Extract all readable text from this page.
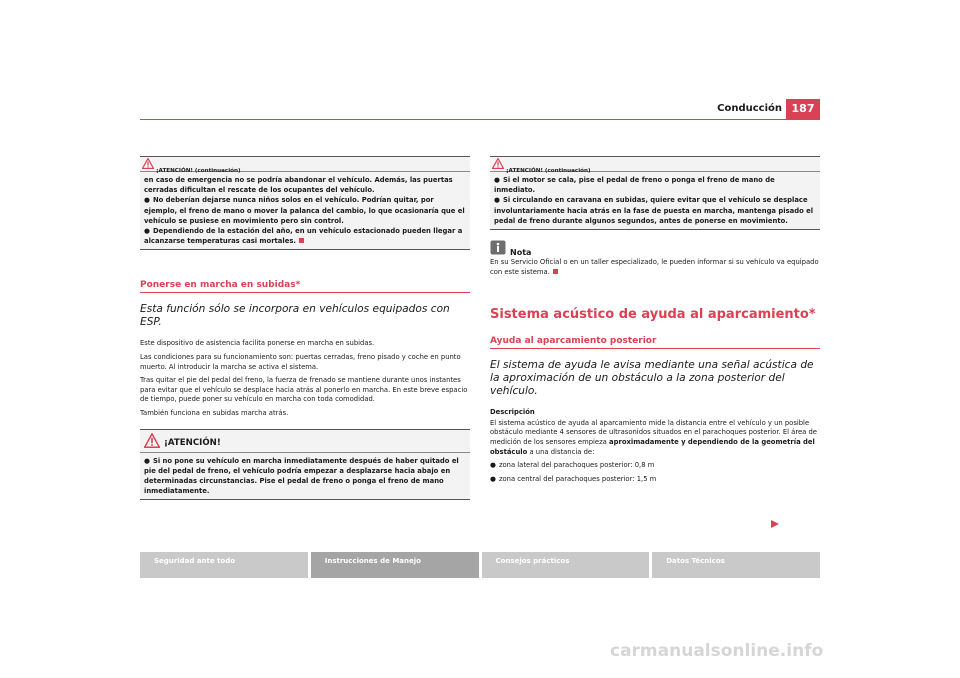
Conducción 187
¡ATENCIÓN! (continuación)

en caso de emergencia no se podría abandonar el vehículo. Además, las puertas cerradas dificultan el rescate de los ocupantes del vehículo.

● No deberían dejarse nunca niños solos en el vehículo. Podrían quitar, por ejemplo, el freno de mano o mover la palanca del cambio, lo que ocasionaría que el vehículo se pusiese en movimiento pero sin control.

● Dependiendo de la estación del año, en un vehículo estacionado pueden llegar a alcanzarse temperaturas casi mortales.

Ponerse en marcha en subidas*

Esta función sólo se incorpora en vehículos equipados con ESP.

Este dispositivo de asistencia facilita ponerse en marcha en subidas.

Las condiciones para su funcionamiento son: puertas cerradas, freno pisado y coche en punto muerto. Al introducir la marcha se activa el sistema.

Tras quitar el pie del pedal del freno, la fuerza de frenado se mantiene durante unos instantes para evitar que el vehículo se desplace hacia atrás al ponerlo en marcha. En este breve espacio de tiempo, puede poner su vehículo en marcha con toda comodidad.

También funciona en subidas marcha atrás.

¡ATENCIÓN!

● Si no pone su vehículo en marcha inmediatamente después de haber quitado el pie del pedal de freno, el vehículo podría empezar a desplazarse hacia abajo en determinadas circunstancias. Pise el pedal de freno o ponga el freno de mano inmediatamente.

¡ATENCIÓN! (continuación)

● Si el motor se cala, pise el pedal de freno o ponga el freno de mano de inmediato.

● Si circulando en caravana en subidas, quiere evitar que el vehículo se desplace involuntariamente hacia atrás en la fase de puesta en marcha, mantenga pisado el pedal de freno durante algunos segundos, antes de ponerse en movimiento.

Nota

En su Servicio Oficial o en un taller especializado, le pueden informar si su vehículo va equipado con este sistema.

Sistema acústico de ayuda al aparcamiento*
Ayuda al aparcamiento posterior

El sistema de ayuda le avisa mediante una señal acústica de la aproximación de un obstáculo a la zona posterior del vehículo.

Descripción

El sistema acústico de ayuda al aparcamiento mide la distancia entre el vehículo y un posible obstáculo mediante 4 sensores de ultrasonidos situados en el parachoques posterior. El área de medición de los sensores empieza aproximadamente y dependiendo de la geometría del obstáculo a una distancia de:

● zona lateral del parachoques posterior: 0,8 m

● zona central del parachoques posterior: 1,5 m

Seguridad ante todo	Instrucciones de Manejo	Consejos prácticos	Datos Técnicos
carmanualsonline.info
